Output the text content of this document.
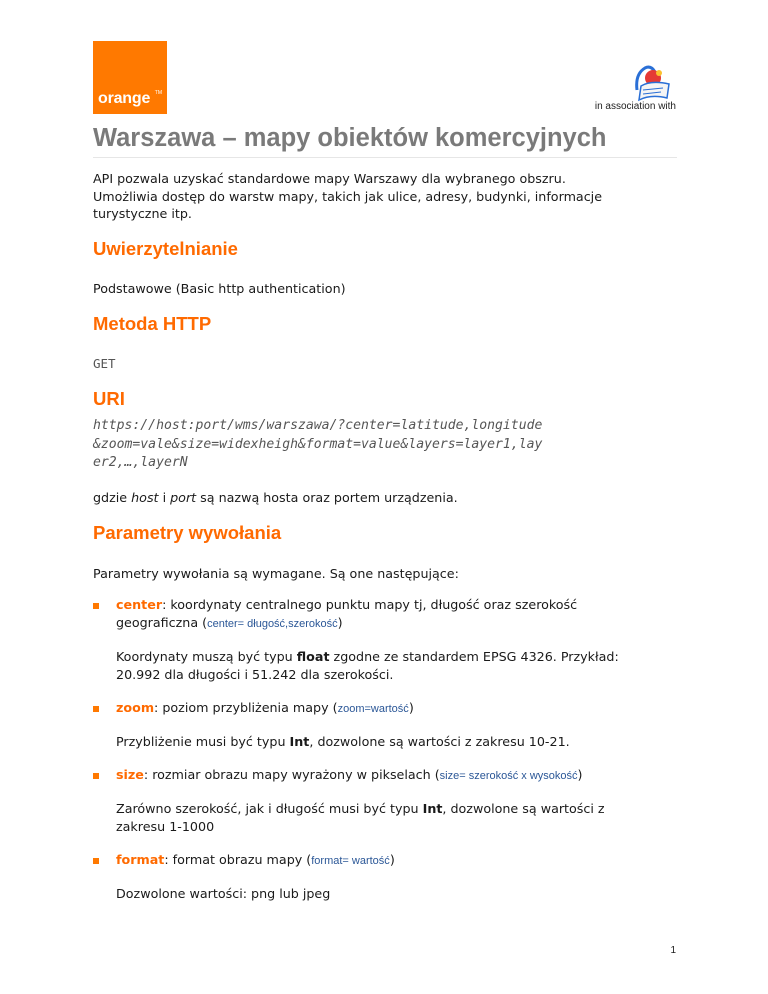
TM
orange	in association with
Warszawa – mapy obiektów komercyjnych
API pozwala uzyskać standardowe mapy Warszawy dla wybranego obszru.
Umożliwia dostęp do warstw mapy, takich jak ulice, adresy, budynki, informacje
turystyczne itp.
Uwierzytelnianie
Podstawowe (Basic http authentication)
Metoda HTTP
GET
URI
https://host:port/wms/warszawa/?center=latitude,longitude
&zoom=vale&size=widexheigh&format=value&layers=layer1,lay
er2,…,layerN
gdzie host i port są nazwą hosta oraz portem urządzenia.
Parametry wywołania
Parametry wywołania są wymagane. Są one następujące:
center: koordynaty centralnego punktu mapy tj, długość oraz szerokość
geograficzna (center= długość,szerokość)
Koordynaty muszą być typu float zgodne ze standardem EPSG 4326. Przykład:
20.992 dla długości i 51.242 dla szerokości.
zoom: poziom przybliżenia mapy (zoom=wartość)
Przybliżenie musi być typu Int, dozwolone są wartości z zakresu 10-21.
size: rozmiar obrazu mapy wyrażony w pikselach (size= szerokość x wysokość)
Zarówno szerokość, jak i długość musi być typu Int, dozwolone są wartości z
zakresu 1-1000
format: format obrazu mapy (format= wartość)
Dozwolone wartości: png lub jpeg
1
